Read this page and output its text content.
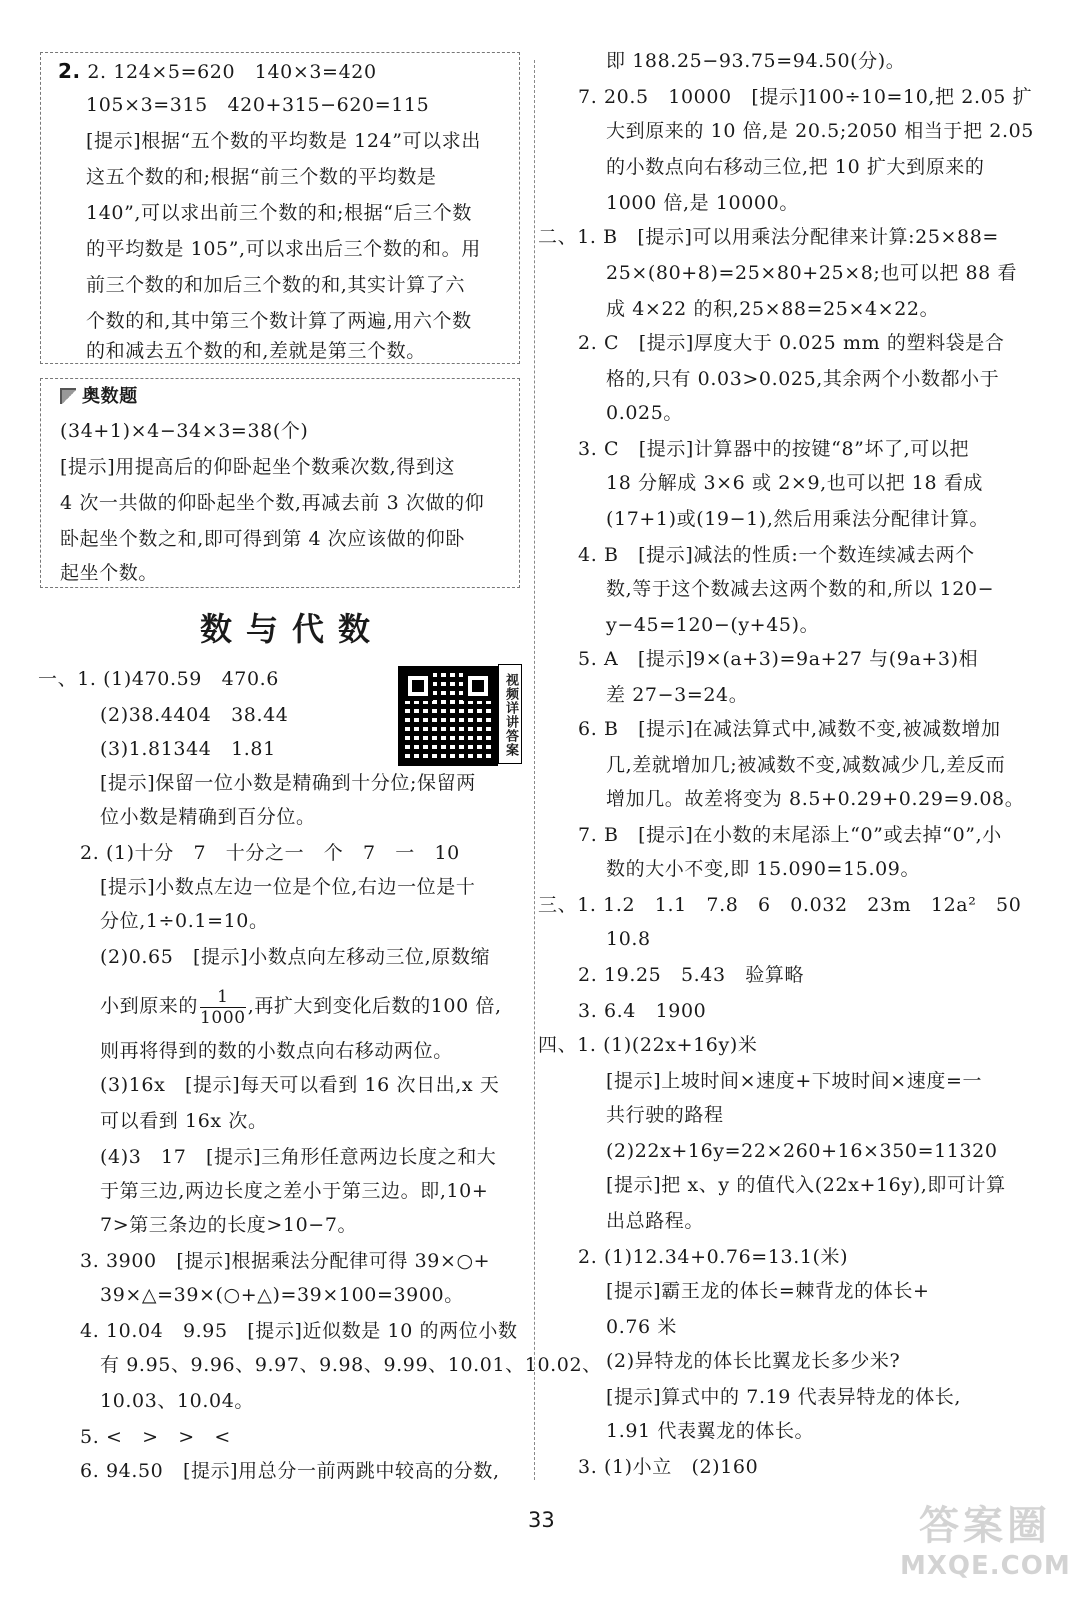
2. 2. 124×5=620　140×3=420
105×3=315　420+315−620=115
[提示]根据“五个数的平均数是 124”可以求出
这五个数的和;根据“前三个数的平均数是
140”,可以求出前三个数的和;根据“后三个数
的平均数是 105”,可以求出后三个数的和。用
前三个数的和加后三个数的和,其实计算了六
个数的和,其中第三个数计算了两遍,用六个数
的和减去五个数的和,差就是第三个数。
奥数题
(34+1)×4−34×3=38(个)
[提示]用提高后的仰卧起坐个数乘次数,得到这
4 次一共做的仰卧起坐个数,再减去前 3 次做的仰
卧起坐个数之和,即可得到第 4 次应该做的仰卧
起坐个数。
数与代数
视频详讲答案
一、1. (1)470.59　470.6
(2)38.4404　38.44
(3)1.81344　1.81
[提示]保留一位小数是精确到十分位;保留两
位小数是精确到百分位。
2. (1)十分　7　十分之一　个　7　一　10
[提示]小数点左边一位是个位,右边一位是十
分位,1÷0.1=10。
(2)0.65　[提示]小数点向左移动三位,原数缩
小到原来的 $\frac{1}{1000}$ ,再扩大到变化后数的100 倍,
则再将得到的数的小数点向右移动两位。
(3)16x　[提示]每天可以看到 16 次日出,x 天
可以看到 16x 次。
(4)3　17　[提示]三角形任意两边长度之和大
于第三边,两边长度之差小于第三边。即,10+
7>第三条边的长度>10−7。
3. 3900　[提示]根据乘法分配律可得 39×○+
39×△=39×(○+△)=39×100=3900。
4. 10.04　9.95　[提示]近似数是 10 的两位小数
有 9.95、9.96、9.97、9.98、9.99、10.01、10.02、
10.03、10.04。
5. <　>　>　<
6. 94.50　[提示]用总分一前两跳中较高的分数,
即 188.25−93.75=94.50(分)。
7. 20.5　10000　[提示]100÷10=10,把 2.05 扩
大到原来的 10 倍,是 20.5;2050 相当于把 2.05
的小数点向右移动三位,把 10 扩大到原来的
1000 倍,是 10000。
二、1. B　[提示]可以用乘法分配律来计算:25×88=
25×(80+8)=25×80+25×8;也可以把 88 看
成 4×22 的积,25×88=25×4×22。
2. C　[提示]厚度大于 0.025 mm 的塑料袋是合
格的,只有 0.03>0.025,其余两个小数都小于
0.025。
3. C　[提示]计算器中的按键“8”坏了,可以把
18 分解成 3×6 或 2×9,也可以把 18 看成
(17+1)或(19−1),然后用乘法分配律计算。
4. B　[提示]减法的性质:一个数连续减去两个
数,等于这个数减去这两个数的和,所以 120−
y−45=120−(y+45)。
5. A　[提示]9×(a+3)=9a+27 与(9a+3)相
差 27−3=24。
6. B　[提示]在减法算式中,减数不变,被减数增加
几,差就增加几;被减数不变,减数减少几,差反而
增加几。故差将变为 8.5+0.29+0.29=9.08。
7. B　[提示]在小数的末尾添上“0”或去掉“0”,小
数的大小不变,即 15.090=15.09。
三、1. 1.2　1.1　7.8　6　0.032　23m　12a²　50
10.8
2. 19.25　5.43　验算略
3. 6.4　1900
四、1. (1)(22x+16y)米
[提示]上坡时间×速度+下坡时间×速度=一
共行驶的路程
(2)22x+16y=22×260+16×350=11320
[提示]把 x、y 的值代入(22x+16y),即可计算
出总路程。
2. (1)12.34+0.76=13.1(米)
[提示]霸王龙的体长=棘背龙的体长+
0.76 米
(2)异特龙的体长比翼龙长多少米?
[提示]算式中的 7.19 代表异特龙的体长,
1.91 代表翼龙的体长。
3. (1)小立　(2)160
33	答案圈
MXQE.COM
